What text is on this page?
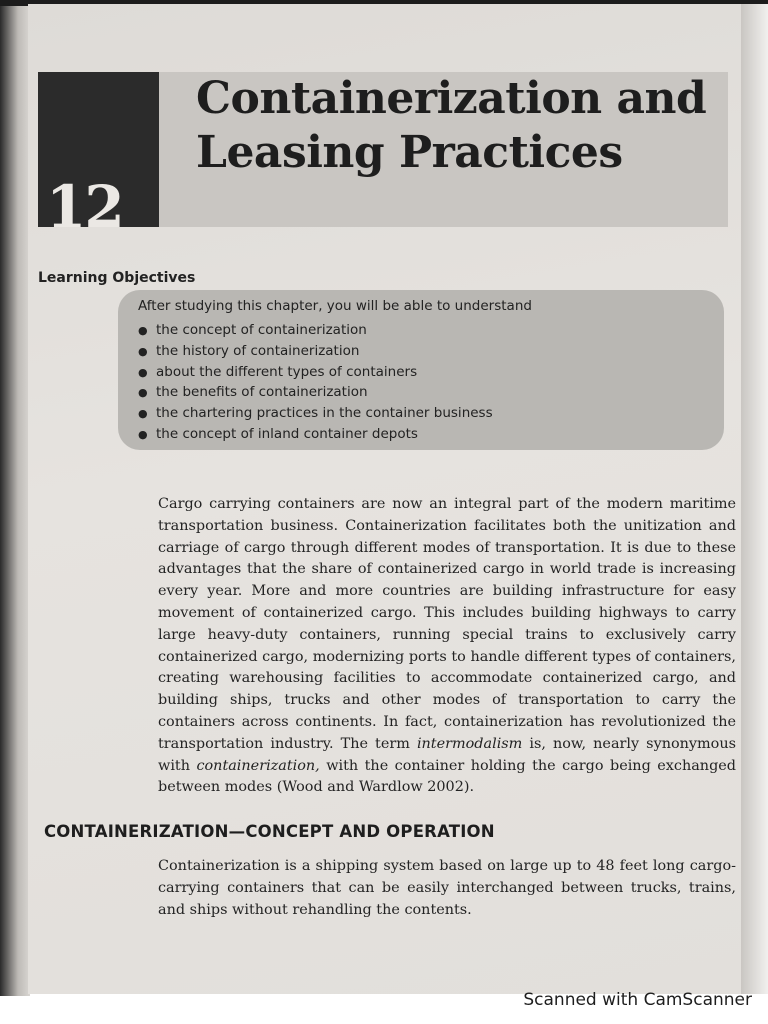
12
Containerization and
Leasing Practices
Learning Objectives
After studying this chapter, you will be able to understand
● the concept of containerization
● the history of containerization
● about the different types of containers
● the benefits of containerization
● the chartering practices in the container business
● the concept of inland container depots

Cargo carrying containers are now an integral part of the modern maritime transportation business. Containerization facilitates both the unitization and carriage of cargo through different modes of transportation. It is due to these advantages that the share of containerized cargo in world trade is increasing every year. More and more countries are building infrastructure for easy movement of containerized cargo. This includes building highways to carry large heavy-duty containers, running special trains to exclusively carry containerized cargo, modernizing ports to handle different types of containers, creating warehousing facilities to accommodate containerized cargo, and building ships, trucks and other modes of transportation to carry the containers across continents. In fact, containerization has revolutionized the transportation industry. The term intermodalism is, now, nearly synonymous with containerization, with the container holding the cargo being exchanged between modes (Wood and Wardlow 2002).

CONTAINERIZATION—CONCEPT AND OPERATION

Containerization is a shipping system based on large up to 48 feet long cargo-carrying containers that can be easily interchanged between trucks, trains, and ships without rehandling the contents.

Scanned with CamScanner
